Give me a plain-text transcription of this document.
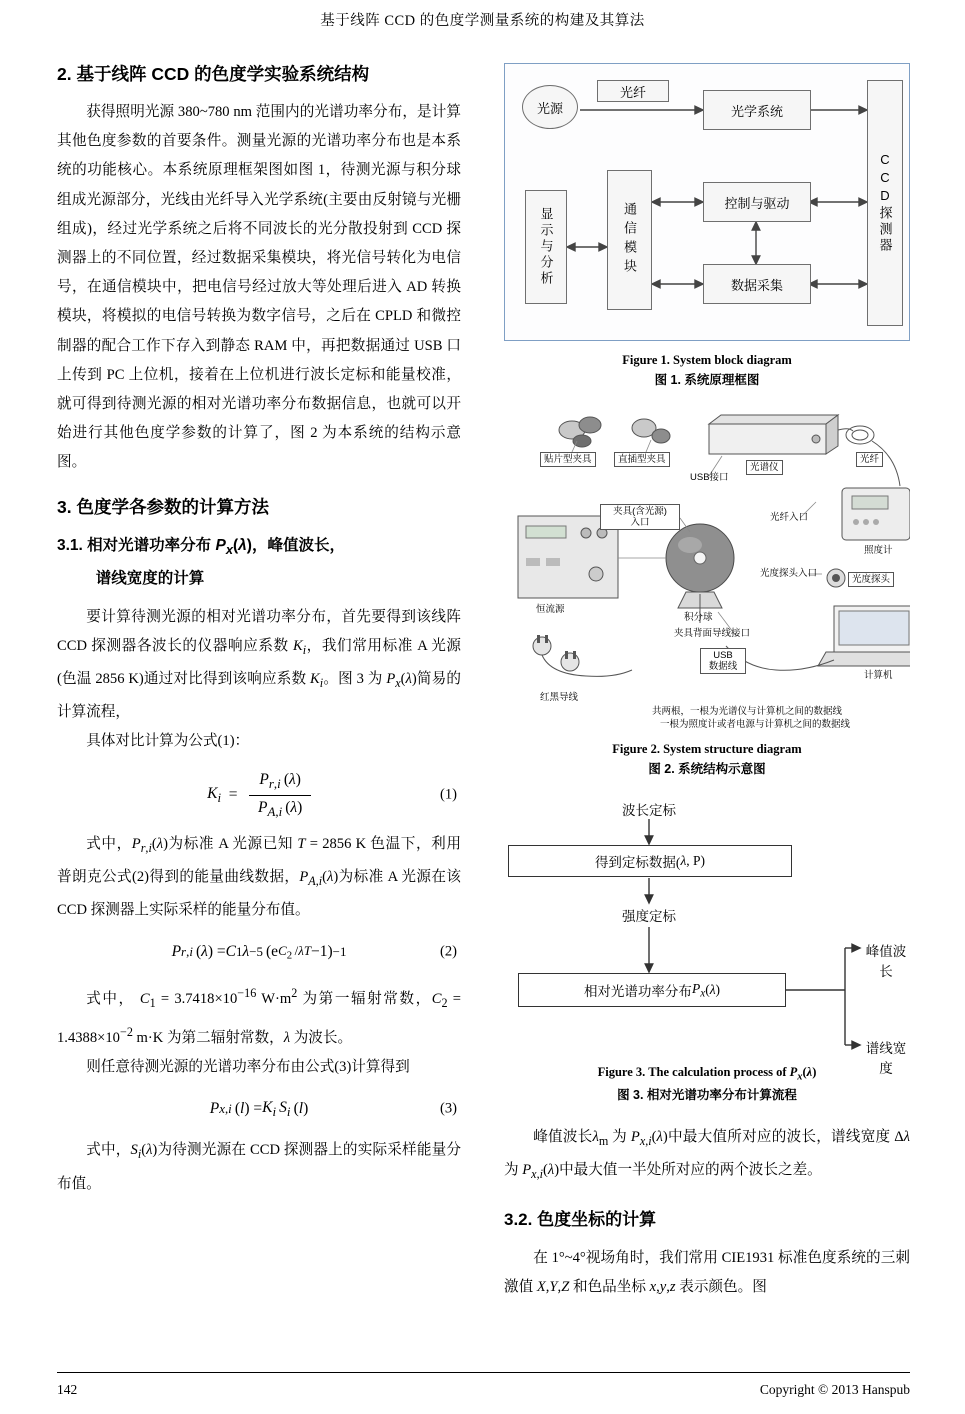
基于线阵 CCD 的色度学测量系统的构建及其算法
2. 基于线阵 CCD 的色度学实验系统结构

获得照明光源 380~780 nm 范围内的光谱功率分布，是计算其他色度参数的首要条件。测量光源的光谱功率分布也是本系统的功能核心。本系统原理框架图如图 1，待测光源与积分球组成光源部分，光线由光纤导入光学系统(主要由反射镜与光栅组成)，经过光学系统之后将不同波长的光分散投射到 CCD 探测器上的不同位置，经过数据采集模块，将光信号转化为电信号，在通信模块中，把电信号经过放大等处理后进入 AD 转换模块，将模拟的电信号转换为数字信号，之后在 CPLD 和微控制器的配合工作下存入到静态 RAM 中，再把数据通过 USB 口上传到 PC 上位机，接着在上位机进行波长定标和能量校准，就可得到待测光源的相对光谱功率分布数据信息，也就可以开始进行其他色度学参数的计算了，图 2 为本系统的结构示意图。

3. 色度学各参数的计算方法
3.1. 相对光谱功率分布 $P_x(\lambda)$，峰值波长，
谱线宽度的计算

要计算待测光源的相对光谱功率分布，首先要得到该线阵 CCD 探测器各波长的仪器响应系数 $K_i$，我们常用标准 A 光源(色温 2856 K)通过对比得到该响应系数 $K_i$。图 3 为 $P_x(\lambda)$简易的计算流程，

具体对比计算为公式(1)：

$K_i = \frac{P_{r,i} (\lambda)}{P_{A,i} (\lambda)}$	(1)

式中，$P_{r,i}(\lambda)$为标准 A 光源已知 T = 2856 K 色温下，利用普朗克公式(2)得到的能量曲线数据，$P_{A,i}(\lambda)$为标准 A 光源在该 CCD 探测器上实际采样的能量分布值。

P r,i  ( λ ) = C 1 λ −5  (e $C_2$ /λT −1) −1	(2)

式中， $C_1 = 3.7418\times 10^{-16}$ $W\cdot m^2$ 为第一辐射常数，$C_2 = 1.4388\times 10^{-2}$ m·K 为第二辐射常数，λ 为波长。

则任意待测光源的光谱功率分布由公式(3)计算得到

P x,i  ( l ) = $K_i$
  $S_i$  ( l )	(3)

式中，$S_i(\lambda)$为待测光源在 CCD 探测器上的实际采样能量分布值。

光源
光纤
光学系统
CCD探测器
显示与分析	通信模块	控制与驱动
数据采集
Figure 1. System block diagram
图 1. 系统原理框图
贴片型夹具	直插型夹具
光谱仪
光纤
USB接口
夹具(含光源)
入口	光纤入口
照度计
光度探头入口
光度探头
恒流源
积分球
夹具背面导线接口
USB
数据线
红黑导线
计算机
共两根，一根为光谱仪与计算机之间的数据线
一根为照度计或者电源与计算机之间的数据线
Figure 2. System structure diagram
图 2. 系统结构示意图
波长定标
得到定标数据( λ , P)
强度定标
相对光谱功率分布 $P_x$ ( λ )
峰值波长
谱线宽度
Figure 3. The calculation process of $P_x(\lambda)$
图 3. 相对光谱功率分布计算流程

峰值波长$\lambda_m$ 为 $P_{x,i}(\lambda)$中最大值所对应的波长，谱线宽度 Δλ为 $P_{x,i}(\lambda)$中最大值一半处所对应的两个波长之差。

3.2. 色度坐标的计算

在 1°~4°视场角时，我们常用 CIE1931 标准色度系统的三刺激值 X,Y,Z 和色品坐标 x,y,z 表示颜色。图

142	Copyright © 2013 Hanspub
